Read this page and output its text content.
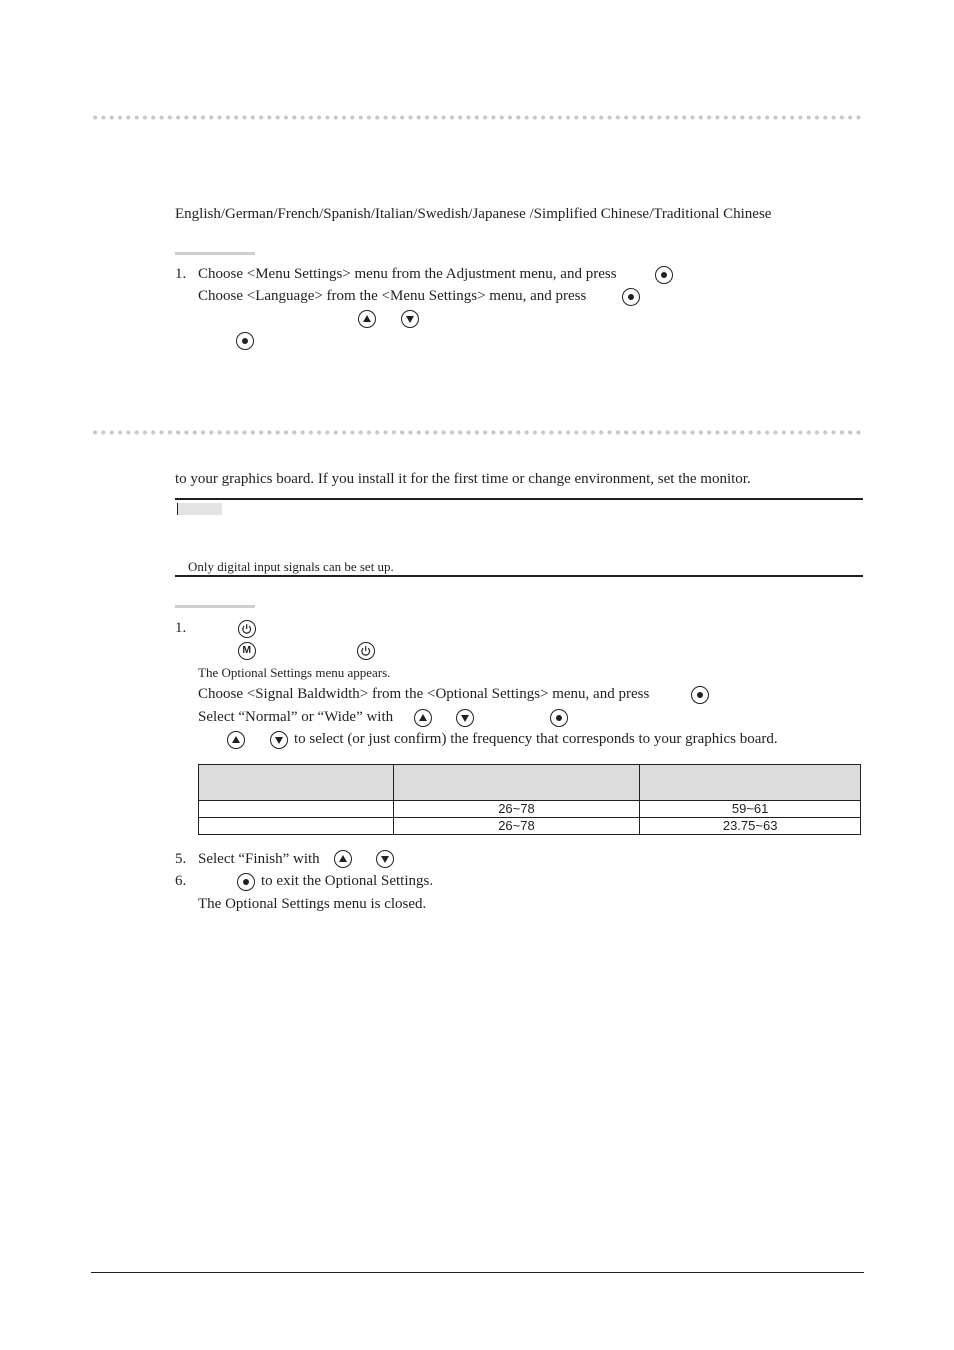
English/German/French/Spanish/Italian/Swedish/Japanese /Simplified Chinese/Traditional Chinese
1. Choose <Menu Settings> menu from the Adjustment menu, and press
Choose <Language> from the <Menu Settings> menu, and press
to your graphics board. If you install it for the first time or change environment, set the monitor.
Only digital input signals can be set up.
1.
M
The Optional Settings menu appears.
Choose <Signal Baldwidth> from the <Optional Settings> menu, and press
Select “Normal” or “Wide” with
to select (or just confirm) the frequency that corresponds to your graphics board.

	26~78	59~61
	26~78	23.75~63
5. Select “Finish” with
6.	to exit the Optional Settings.
The Optional Settings menu is closed.
